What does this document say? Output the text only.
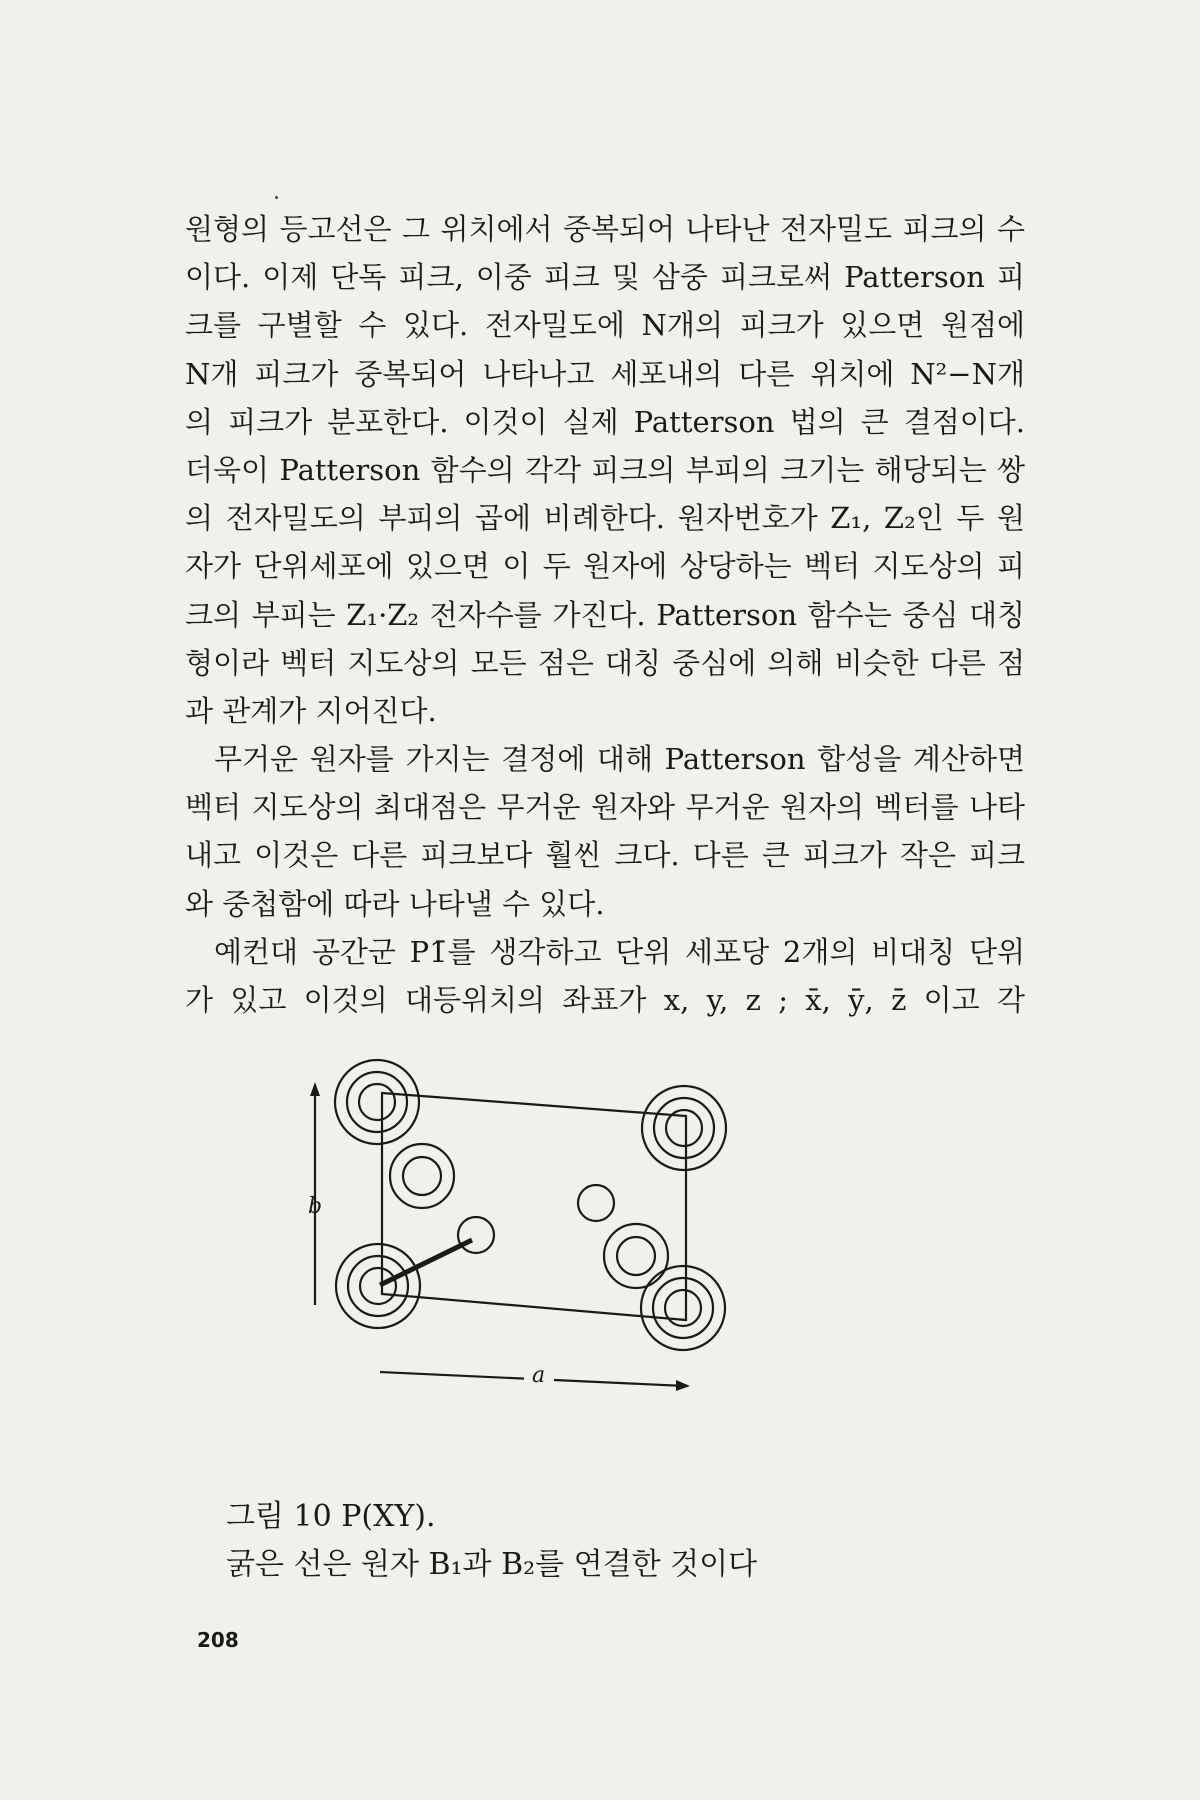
원형의 등고선은 그 위치에서 중복되어 나타난 전자밀도 피크의 수
이다. 이제 단독 피크, 이중 피크 및 삼중 피크로써 Patterson 피
크를 구별할 수 있다. 전자밀도에 N개의 피크가 있으면 원점에
N개 피크가 중복되어 나타나고 세포내의 다른 위치에 N²−N개
의 피크가 분포한다. 이것이 실제 Patterson 법의 큰 결점이다.
더욱이 Patterson 함수의 각각 피크의 부피의 크기는 해당되는 쌍
의 전자밀도의 부피의 곱에 비례한다. 원자번호가 Z₁, Z₂인 두 원
자가 단위세포에 있으면 이 두 원자에 상당하는 벡터 지도상의 피
크의 부피는 Z₁·Z₂ 전자수를 가진다. Patterson 함수는 중심 대칭
형이라 벡터 지도상의 모든 점은 대칭 중심에 의해 비슷한 다른 점
과 관계가 지어진다.
무거운 원자를 가지는 결정에 대해 Patterson 합성을 계산하면
벡터 지도상의 최대점은 무거운 원자와 무거운 원자의 벡터를 나타
내고 이것은 다른 피크보다 훨씬 크다. 다른 큰 피크가 작은 피크
와 중첩함에 따라 나타낼 수 있다.
예컨대 공간군 P1̄를 생각하고 단위 세포당 2개의 비대칭 단위
가 있고 이것의 대등위치의 좌표가 x, y, z ; x̄, ȳ, z̄ 이고 각
b
a
그림 10 P(XY).
굵은 선은 원자 B₁과 B₂를 연결한 것이다
208
